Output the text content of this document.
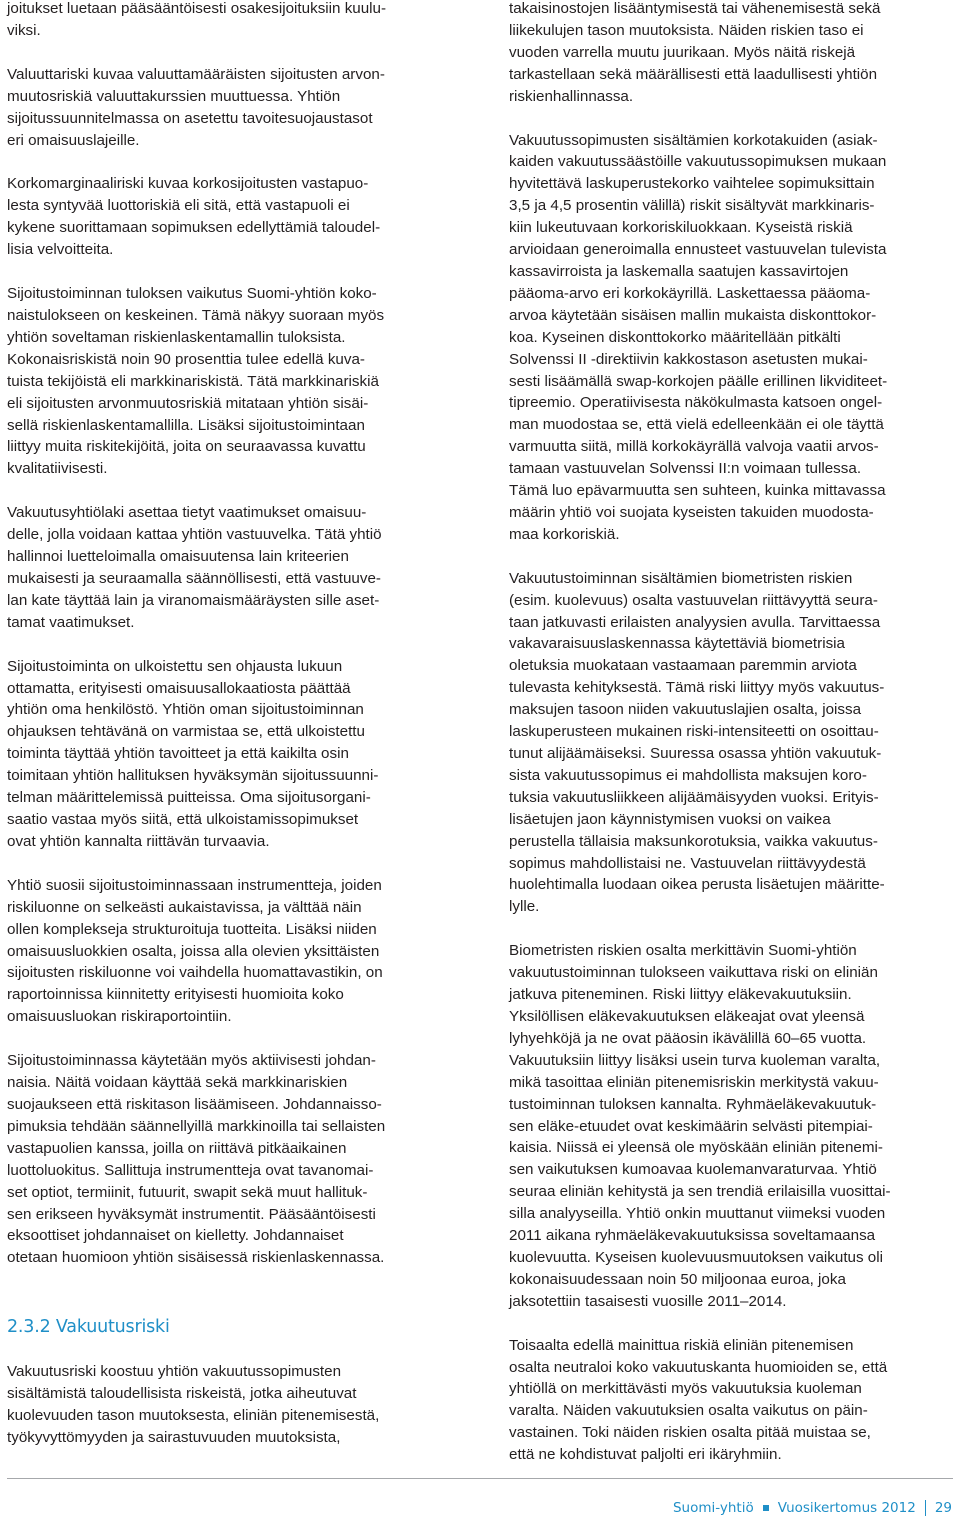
joitukset luetaan pääsääntöisesti osakesijoituksiin kuulu-
viksi.

Valuuttariski kuvaa valuuttamääräisten sijoitusten arvon-
muutosriskiä valuuttakurssien muuttuessa. Yhtiön
sijoitussuunnitelmassa on asetettu tavoitesuojaustasot
eri omaisuuslajeille.

Korkomarginaaliriski kuvaa korkosijoitusten vastapuo-
lesta syntyvää luottoriskiä eli sitä, että vastapuoli ei
kykene suorittamaan sopimuksen edellyttämiä taloudel-
lisia velvoitteita.

Sijoitustoiminnan tuloksen vaikutus Suomi-yhtiön koko-
naistulokseen on keskeinen. Tämä näkyy suoraan myös
yhtiön soveltaman riskienlaskentamallin tuloksista.
Kokonaisriskistä noin 90 prosenttia tulee edellä kuva-
tuista tekijöistä eli markkinariskistä. Tätä markkinariskiä
eli sijoitusten arvonmuutosriskiä mitataan yhtiön sisäi-
sellä riskienlaskentamallilla. Lisäksi sijoitustoimintaan
liittyy muita riskitekijöitä, joita on seuraavassa kuvattu
kvalitatiivisesti.

Vakuutusyhtiölaki asettaa tietyt vaatimukset omaisuu-
delle, jolla voidaan kattaa yhtiön vastuuvelka. Tätä yhtiö
hallinnoi luetteloimalla omaisuutensa lain kriteerien
mukaisesti ja seuraamalla säännöllisesti, että vastuuve-
lan kate täyttää lain ja viranomaismääräysten sille aset-
tamat vaatimukset.

Sijoitustoiminta on ulkoistettu sen ohjausta lukuun
ottamatta, erityisesti omaisuusallokaatiosta päättää
yhtiön oma henkilöstö. Yhtiön oman sijoitustoiminnan
ohjauksen tehtävänä on varmistaa se, että ulkoistettu
toiminta täyttää yhtiön tavoitteet ja että kaikilta osin
toimitaan yhtiön hallituksen hyväksymän sijoitussuunni-
telman määrittelemissä puitteissa. Oma sijoitusorgani-
saatio vastaa myös siitä, että ulkoistamissopimukset
ovat yhtiön kannalta riittävän turvaavia.

Yhtiö suosii sijoitustoiminnassaan instrumentteja, joiden
riskiluonne on selkeästi aukaistavissa, ja välttää näin
ollen komplekseja strukturoituja tuotteita. Lisäksi niiden
omaisuusluokkien osalta, joissa alla olevien yksittäisten
sijoitusten riskiluonne voi vaihdella huomattavastikin, on
raportoinnissa kiinnitetty erityisesti huomioita koko
omaisuusluokan riskiraportointiin.

Sijoitustoiminnassa käytetään myös aktiivisesti johdan-
naisia. Näitä voidaan käyttää sekä markkinariskien
suojaukseen että riskitason lisäämiseen. Johdannaisso-
pimuksia tehdään säännellyillä markkinoilla tai sellaisten
vastapuolien kanssa, joilla on riittävä pitkäaikainen
luottoluokitus. Sallittuja instrumentteja ovat tavanomai-
set optiot, termiinit, futuurit, swapit sekä muut hallituk-
sen erikseen hyväksymät instrumentit. Pääsääntöisesti
eksoottiset johdannaiset on kielletty. Johdannaiset
otetaan huomioon yhtiön sisäisessä riskienlaskennassa.

2.3.2 Vakuutusriski

Vakuutusriski koostuu yhtiön vakuutussopimusten
sisältämistä taloudellisista riskeistä, jotka aiheutuvat
kuolevuuden tason muutoksesta, eliniän pitenemisestä,
työkyvyttömyyden ja sairastuvuuden muutoksista,

takaisinostojen lisääntymisestä tai vähenemisestä sekä
liikekulujen tason muutoksista. Näiden riskien taso ei
vuoden varrella muutu juurikaan. Myös näitä riskejä
tarkastellaan sekä määrällisesti että laadullisesti yhtiön
riskienhallinnassa.

Vakuutussopimusten sisältämien korkotakuiden (asiak-
kaiden vakuutussäästöille vakuutussopimuksen mukaan
hyvitettävä laskuperustekorko vaihtelee sopimuksittain
3,5 ja 4,5 prosentin välillä) riskit sisältyvät markkinaris-
kiin lukeutuvaan korkoriskiluokkaan. Kyseistä riskiä
arvioidaan generoimalla ennusteet vastuuvelan tulevista
kassavirroista ja laskemalla saatujen kassavirtojen
pääoma-arvo eri korkokäyrillä. Laskettaessa pääoma-
arvoa käytetään sisäisen mallin mukaista diskonttokor-
koa. Kyseinen diskonttokorko määritellään pitkälti
Solvenssi II -direktiivin kakkostason asetusten mukai-
sesti lisäämällä swap-korkojen päälle erillinen likviditeet-
tipreemio. Operatiivisesta näkökulmasta katsoen ongel-
man muodostaa se, että vielä edelleenkään ei ole täyttä
varmuutta siitä, millä korkokäyrällä valvoja vaatii arvos-
tamaan vastuuvelan Solvenssi II:n voimaan tullessa.
Tämä luo epävarmuutta sen suhteen, kuinka mittavassa
määrin yhtiö voi suojata kyseisten takuiden muodosta-
maa korkoriskiä.

Vakuutustoiminnan sisältämien biometristen riskien
(esim. kuolevuus) osalta vastuuvelan riittävyyttä seura-
taan jatkuvasti erilaisten analyysien avulla. Tarvittaessa
vakavaraisuuslaskennassa käytettäviä biometrisia
oletuksia muokataan vastaamaan paremmin arviota
tulevasta kehityksestä. Tämä riski liittyy myös vakuutus-
maksujen tasoon niiden vakuutuslajien osalta, joissa
laskuperusteen mukainen riski-intensiteetti on osoittau-
tunut alijäämäiseksi. Suuressa osassa yhtiön vakuutuk-
sista vakuutussopimus ei mahdollista maksujen koro-
tuksia vakuutusliikkeen alijäämäisyyden vuoksi. Erityis-
lisäetujen jaon käynnistymisen vuoksi on vaikea
perustella tällaisia maksunkorotuksia, vaikka vakuutus-
sopimus mahdollistaisi ne. Vastuuvelan riittävyydestä
huolehtimalla luodaan oikea perusta lisäetujen määritte-
lylle.

Biometristen riskien osalta merkittävin Suomi-yhtiön
vakuutustoiminnan tulokseen vaikuttava riski on eliniän
jatkuva piteneminen. Riski liittyy eläkevakuutuksiin.
Yksilöllisen eläkevakuutuksen eläkeajat ovat yleensä
lyhyehköjä ja ne ovat pääosin ikävälillä 60–65 vuotta.
Vakuutuksiin liittyy lisäksi usein turva kuoleman varalta,
mikä tasoittaa eliniän pitenemisriskin merkitystä vakuu-
tustoiminnan tuloksen kannalta. Ryhmäeläkevakuutuk-
sen eläke-etuudet ovat keskimäärin selvästi pitempiai-
kaisia. Niissä ei yleensä ole myöskään eliniän pitenemi-
sen vaikutuksen kumoavaa kuolemanvaraturvaa. Yhtiö
seuraa eliniän kehitystä ja sen trendiä erilaisilla vuosittai-
silla analyyseilla. Yhtiö onkin muuttanut viimeksi vuoden
2011 aikana ryhmäeläkevakuutuksissa soveltamaansa
kuolevuutta. Kyseisen kuolevuusmuutoksen vaikutus oli
kokonaisuudessaan noin 50 miljoonaa euroa, joka
jaksotettiin tasaisesti vuosille 2011–2014.

Toisaalta edellä mainittua riskiä eliniän pitenemisen
osalta neutraloi koko vakuutuskanta huomioiden se, että
yhtiöllä on merkittävästi myös vakuutuksia kuoleman
varalta. Näiden vakuutuksien osalta vaikutus on päin-
vastainen. Toki näiden riskien osalta pitää muistaa se,
että ne kohdistuvat paljolti eri ikäryhmiin.

Suomi-yhtiö Vuosikertomus 2012 29
